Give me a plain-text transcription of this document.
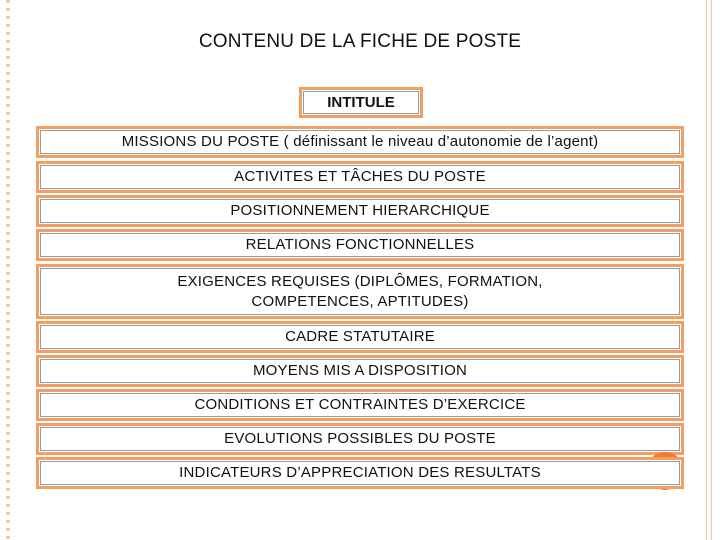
CONTENU DE LA FICHE DE POSTE
INTITULE
MISSIONS DU POSTE ( définissant le niveau d’autonomie de l’agent)
ACTIVITES ET TÂCHES DU POSTE
POSITIONNEMENT HIERARCHIQUE
RELATIONS FONCTIONNELLES
EXIGENCES REQUISES (DIPLÔMES, FORMATION,
COMPETENCES, APTITUDES)
CADRE STATUTAIRE
MOYENS MIS A DISPOSITION
CONDITIONS ET CONTRAINTES D’EXERCICE
EVOLUTIONS POSSIBLES DU POSTE
INDICATEURS D’APPRECIATION DES RESULTATS
